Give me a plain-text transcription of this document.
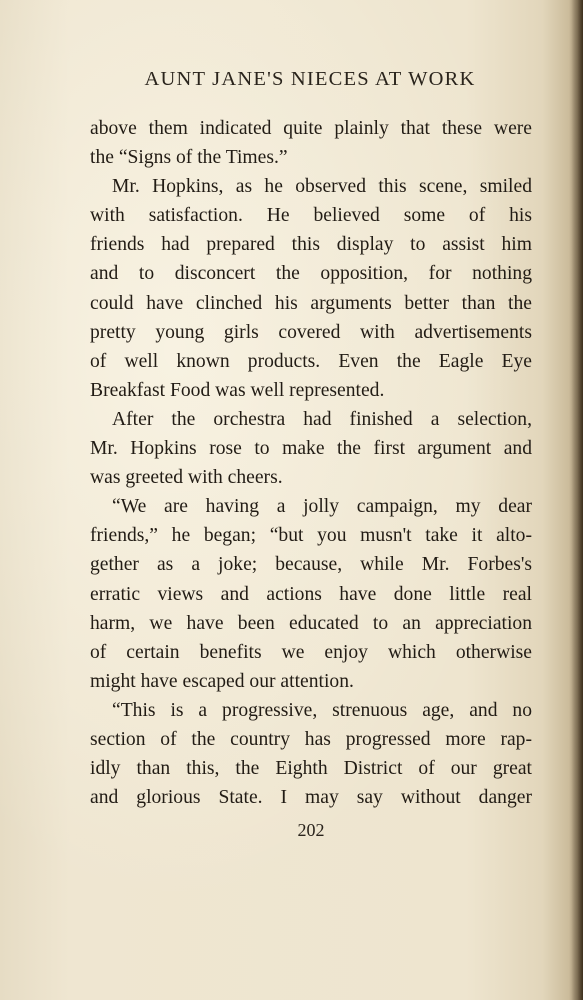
AUNT JANE'S NIECES AT WORK
above them indicated quite plainly that these were
the “Signs of the Times.”
Mr. Hopkins, as he observed this scene, smiled
with satisfaction. He believed some of his
friends had prepared this display to assist him
and to disconcert the opposition, for nothing
could have clinched his arguments better than the
pretty young girls covered with advertisements
of well known products. Even the Eagle Eye
Breakfast Food was well represented.
After the orchestra had finished a selection,
Mr. Hopkins rose to make the first argument and
was greeted with cheers.
“We are having a jolly campaign, my dear
friends,” he began; “but you musn't take it alto-
gether as a joke; because, while Mr. Forbes's
erratic views and actions have done little real
harm, we have been educated to an appreciation
of certain benefits we enjoy which otherwise
might have escaped our attention.
“This is a progressive, strenuous age, and no
section of the country has progressed more rap-
idly than this, the Eighth District of our great
and glorious State. I may say without danger
202
